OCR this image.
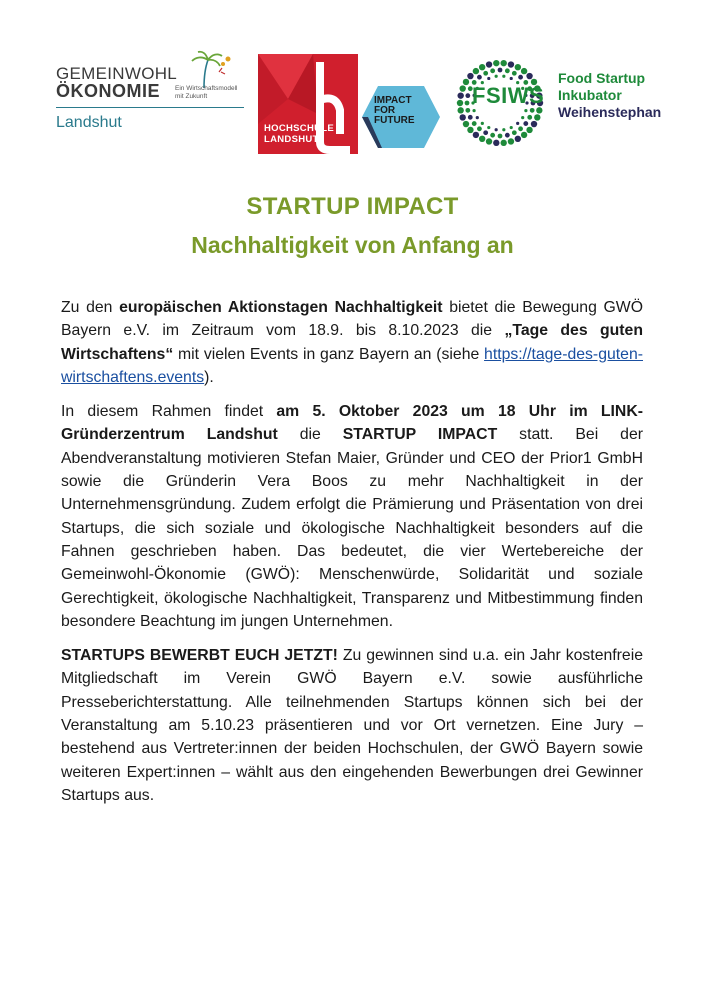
GEMEINWOHL
ÖKONOMIE Ein Wirtschaftsmodell mit Zukunft
Landshut	HOCHSCHULE
LANDSHUT
IMPACT
FOR
FUTURE
FSIWS
Food Startup
Inkubator
Weihenstephan
STARTUP IMPACT
Nachhaltigkeit von Anfang an

Zu den europäischen Aktionstagen Nachhaltigkeit bietet die Bewegung GWÖ Bayern e.V. im Zeitraum vom 18.9. bis 8.10.2023 die „Tage des guten Wirtschaftens“ mit vielen Events in ganz Bayern an (siehe https://tage-des-guten-wirtschaftens.events).

In diesem Rahmen findet am 5. Oktober 2023 um 18 Uhr im LINK-Gründerzentrum Landshut die STARTUP IMPACT statt. Bei der Abendveranstaltung motivieren Stefan Maier, Gründer und CEO der Prior1 GmbH sowie die Gründerin Vera Boos zu mehr Nachhaltigkeit in der Unternehmensgründung. Zudem erfolgt die Prämierung und Präsentation von drei Startups, die sich soziale und ökologische Nachhaltigkeit besonders auf die Fahnen geschrieben haben. Das bedeutet, die vier Wertebereiche der Gemeinwohl-Ökonomie (GWÖ): Menschenwürde, Solidarität und soziale Gerechtigkeit, ökologische Nachhaltigkeit, Transparenz und Mitbestimmung finden besondere Beachtung im jungen Unternehmen.

STARTUPS BEWERBT EUCH JETZT! Zu gewinnen sind u.a. ein Jahr kostenfreie Mitgliedschaft im Verein GWÖ Bayern e.V. sowie ausführliche Presseberichterstattung. Alle teilnehmenden Startups können sich bei der Veranstaltung am 5.10.23 präsentieren und vor Ort vernetzen. Eine Jury – bestehend aus Vertreter:innen der beiden Hochschulen, der GWÖ Bayern sowie weiteren Expert:innen – wählt aus den eingehenden Bewerbungen drei Gewinner Startups aus.
